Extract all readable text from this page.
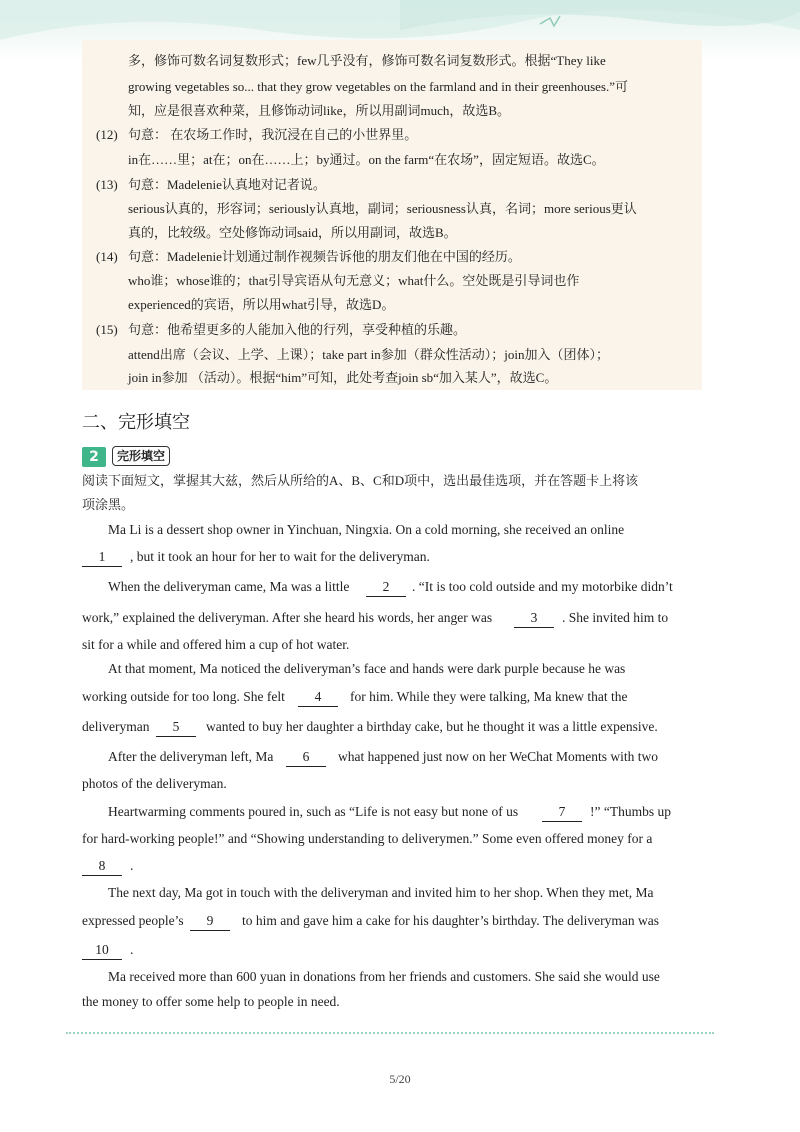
多，修饰可数名词复数形式；few几乎没有，修饰可数名词复数形式。根据“They like
growing vegetables so... that they grow vegetables on the farmland and in their greenhouses.”可
知，应是很喜欢种菜，且修饰动词like，所以用副词much，故选B。
(12) 句意： 在农场工作时，我沉浸在自己的小世界里。
in在……里；at在；on在……上；by通过。on the farm“在农场”，固定短语。故选C。
(13) 句意：Madelenie认真地对记者说。
serious认真的，形容词；seriously认真地，副词；seriousness认真，名词；more serious更认
真的，比较级。空处修饰动词said，所以用副词，故选B。
(14) 句意：Madelenie计划通过制作视频告诉他的朋友们他在中国的经历。
who谁；whose谁的；that引导宾语从句无意义；what什么。空处既是引导词也作
experienced的宾语，所以用what引导，故选D。
(15) 句意：他希望更多的人能加入他的行列，享受种植的乐趣。
attend出席（会议、上学、上课）；take part in参加（群众性活动）；join加入（团体）；
join in参加 （活动）。根据“him”可知，此处考查join sb“加入某人”，故选C。
二、完形填空
2	完形填空
阅读下面短文，掌握其大兹，然后从所给的A、B、C和D项中，选出最佳选项，并在答题卡上将该
项涂黑。
Ma Li is a dessert shop owner in Yinchuan, Ningxia. On a cold morning, she received an online
1	, but it took an hour for her to wait for the deliveryman.
When the deliveryman came, Ma was a little	2	. “It is too cold outside and my motorbike didn’t
work,” explained the deliveryman. After she heard his words, her anger was	3	. She invited him to
sit for a while and offered him a cup of hot water.
At that moment, Ma noticed the deliveryman’s face and hands were dark purple because he was
working outside for too long. She felt	4	for him. While they were talking, Ma knew that the
deliveryman	5	wanted to buy her daughter a birthday cake, but he thought it was a little expensive.
After the deliveryman left, Ma	6	what happened just now on her WeChat Moments with two
photos of the deliveryman.
Heartwarming comments poured in, such as “Life is not easy but none of us	7	!” “Thumbs up
for hard-working people!” and “Showing understanding to deliverymen.” Some even offered money for a
8	.
The next day, Ma got in touch with the deliveryman and invited him to her shop. When they met, Ma
expressed people’s	9	to him and gave him a cake for his daughter’s birthday. The deliveryman was
10	.
Ma received more than 600 yuan in donations from her friends and customers. She said she would use
the money to offer some help to people in need.
5/20
